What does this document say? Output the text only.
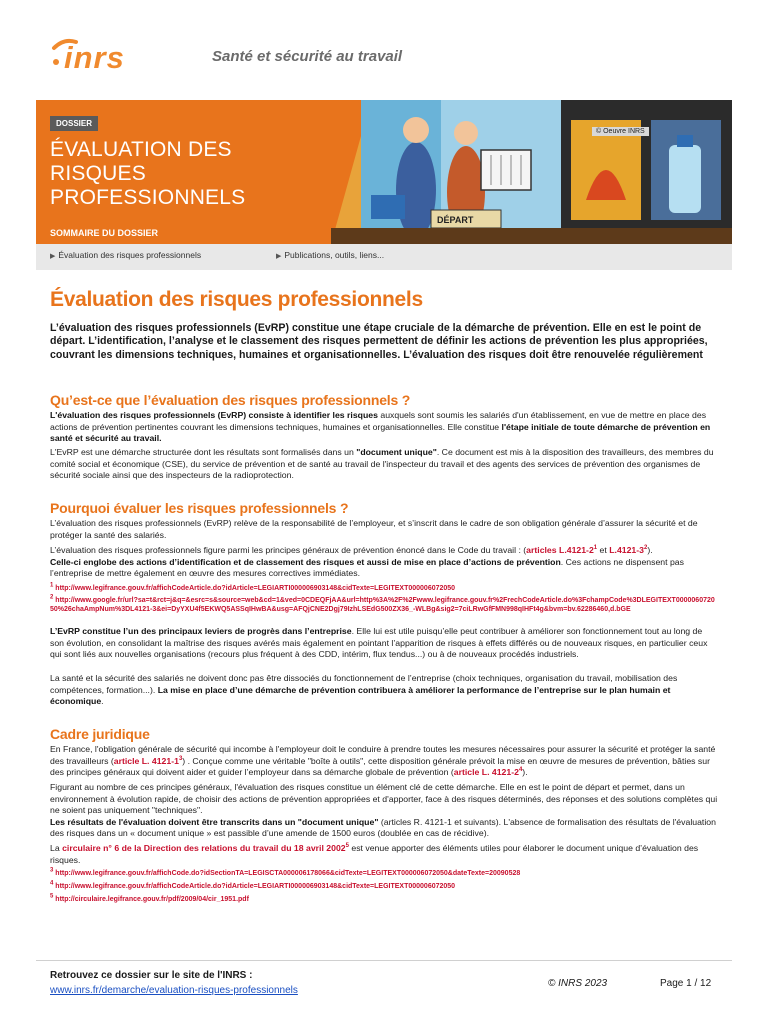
inrs	Santé et sécurité au travail
DÉPART
DOSSIER
ÉVALUATION DES RISQUES PROFESSIONNELS
© Oeuvre INRS
SOMMAIRE DU DOSSIER
▶ Évaluation des risques professionnels	▶ Publications, outils, liens...
Évaluation des risques professionnels
L’évaluation des risques professionnels (EvRP) constitue une étape cruciale de la démarche de prévention. Elle en est le point de départ. L’identification, l’analyse et le classement des risques permettent de définir les actions de prévention les plus appropriées, couvrant les dimensions techniques, humaines et organisationnelles. L’évaluation des risques doit être renouvelée régulièrement
Qu’est-ce que l’évaluation des risques professionnels ?
L'évaluation des risques professionnels (EvRP) consiste à identifier les risques auxquels sont soumis les salariés d'un établissement, en vue de mettre en place des actions de prévention pertinentes couvrant les dimensions techniques, humaines et organisationnelles. Elle constitue l'étape initiale de toute démarche de prévention en santé et sécurité au travail.
L'EvRP est une démarche structurée dont les résultats sont formalisés dans un "document unique". Ce document est mis à la disposition des travailleurs, des membres du comité social et économique (CSE), du service de prévention et de santé au travail de l'inspecteur du travail et des agents des services de prévention des organismes de sécurité sociale ainsi que des inspecteurs de la radioprotection.
Pourquoi évaluer les risques professionnels ?
L’évaluation des risques professionnels (EvRP) relève de la responsabilité de l’employeur, et s’inscrit dans le cadre de son obligation générale d’assurer la sécurité et de protéger la santé des salariés.
L’évaluation des risques professionnels figure parmi les principes généraux de prévention énoncé dans le Code du travail : (articles $L.4121-2^1$ et $L.4121-3^2$).
Celle-ci englobe des actions d’identification et de classement des risques et aussi de mise en place d’actions de prévention. Ces actions ne dispensent pas l’entreprise de mettre également en œuvre des mesures correctives immédiates.
$^1$ http://www.legifrance.gouv.fr/affichCodeArticle.do?idArticle=LEGIARTI000006903148&cidTexte=LEGITEXT000006072050
$^2$ http://www.google.fr/url?sa=t&rct=j&q=&esrc=s&source=web&cd=1&ved=0CDEQFjAA&url=http%3A%2F%2Fwww.legifrance.gouv.fr%2FrechCodeArticle.do%3FchampCode%3DLEGITEXT000006072050%26chaAmpNum%3DL4121-3&ei=DyYXU4f5EKWQ5ASSqIHwBA&usg=AFQjCNE2Dgj79IzhLSEdG500ZX36_-WLBg&sig2=7ciLRwGfFMN998qIHFt4g&bvm=bv.62286460,d.bGE
L’EvRP constitue l’un des principaux leviers de progrès dans l’entreprise. Elle lui est utile puisqu’elle peut contribuer à améliorer son fonctionnement tout au long de son évolution, en consolidant la maîtrise des risques avérés mais également en pointant l’apparition de risques à effets différés ou de nouveaux risques, en particulier ceux qui sont liés aux nouvelles organisations (recours plus fréquent à des CDD, intérim, flux tendus...) ou à de nouveaux procédés industriels.
La santé et la sécurité des salariés ne doivent donc pas être dissociés du fonctionnement de l’entreprise (choix techniques, organisation du travail, mobilisation des compétences, formation...). La mise en place d’une démarche de prévention contribuera à améliorer la performance de l’entreprise sur le plan humain et économique.
Cadre juridique
En France, l'obligation générale de sécurité qui incombe à l'employeur doit le conduire à prendre toutes les mesures nécessaires pour assurer la sécurité et protéger la santé des travailleurs (article L. $4121-1^3$) . Conçue comme une véritable "boîte à outils", cette disposition générale prévoit la mise en œuvre de mesures de prévention, bâties sur des principes généraux qui doivent aider et guider l’employeur dans sa démarche globale de prévention (article L. $4121-2^4$).
Figurant au nombre de ces principes généraux, l'évaluation des risques constitue un élément clé de cette démarche. Elle en est le point de départ et permet, dans un environnement à évolution rapide, de choisir des actions de prévention appropriées et d'apporter, face à des risques déterminés, des réponses et des solutions complètes qui ne soient pas uniquement "techniques".
Les résultats de l'évaluation doivent être transcrits dans un "document unique" (articles R. 4121-1 et suivants). L'absence de formalisation des résultats de l'évaluation des risques dans un « document unique » est passible d’une amende de 1500 euros (doublée en cas de récidive).
La circulaire n° 6 de la Direction des relations du travail du 18 avril 2002$^5$ est venue apporter des éléments utiles pour élaborer le document unique d’évaluation des risques.
$^3$ http://www.legifrance.gouv.fr/affichCode.do?idSectionTA=LEGISCTA000006178066&cidTexte=LEGITEXT000006072050&dateTexte=20090528
$^4$ http://www.legifrance.gouv.fr/affichCodeArticle.do?idArticle=LEGIARTI000006903148&cidTexte=LEGITEXT000006072050
$^5$ http://circulaire.legifrance.gouv.fr/pdf/2009/04/cir_1951.pdf
Retrouvez ce dossier sur le site de l'INRS :
www.inrs.fr/demarche/evaluation-risques-professionnels
© INRS 2023	Page 1 / 12
